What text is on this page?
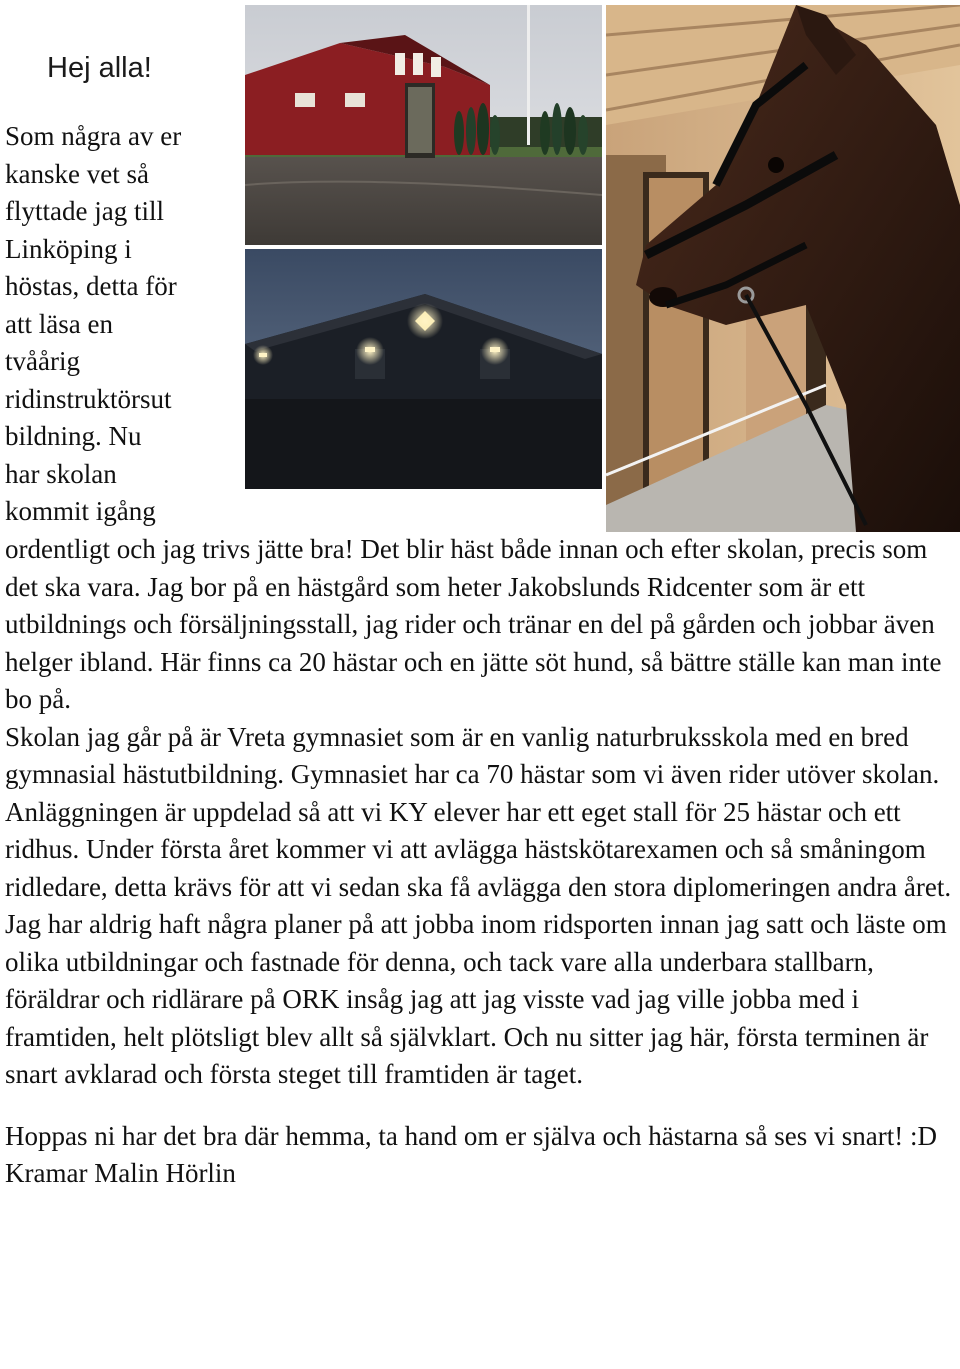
Hej alla!
Som några av er
kanske vet så
flyttade jag till
Linköping i
höstas, detta för
att läsa en
tvåårig
ridinstruktörsut
bildning. Nu
har skolan
kommit igång

ordentligt och jag trivs jätte bra! Det blir häst både innan och efter skolan, precis som det ska vara. Jag bor på en hästgård som heter Jakobslunds Ridcenter som är ett utbildnings och försäljningsstall, jag rider och tränar en del på gården och jobbar även helger ibland. Här finns ca 20 hästar och en jätte söt hund, så bättre ställe kan man inte bo på.

Skolan jag går på är Vreta gymnasiet som är en vanlig naturbruksskola med en bred gymnasial hästutbildning. Gymnasiet har ca 70 hästar som vi även rider utöver skolan. Anläggningen är uppdelad så att vi KY elever har ett eget stall för 25 hästar och ett ridhus. Under första året kommer vi att avlägga hästskötarexamen och så småningom ridledare, detta krävs för att vi sedan ska få avlägga den stora diplomeringen andra året.

Jag har aldrig haft några planer på att jobba inom ridsporten innan jag satt och läste om olika utbildningar och fastnade för denna, och tack vare alla underbara stallbarn, föräldrar och ridlärare på ORK insåg jag att jag visste vad jag ville jobba med i framtiden, helt plötsligt blev allt så självklart. Och nu sitter jag här, första terminen är snart avklarad och första steget till framtiden är taget.

Hoppas ni har det bra där hemma, ta hand om er själva och hästarna så ses vi snart! :D

Kramar Malin Hörlin
